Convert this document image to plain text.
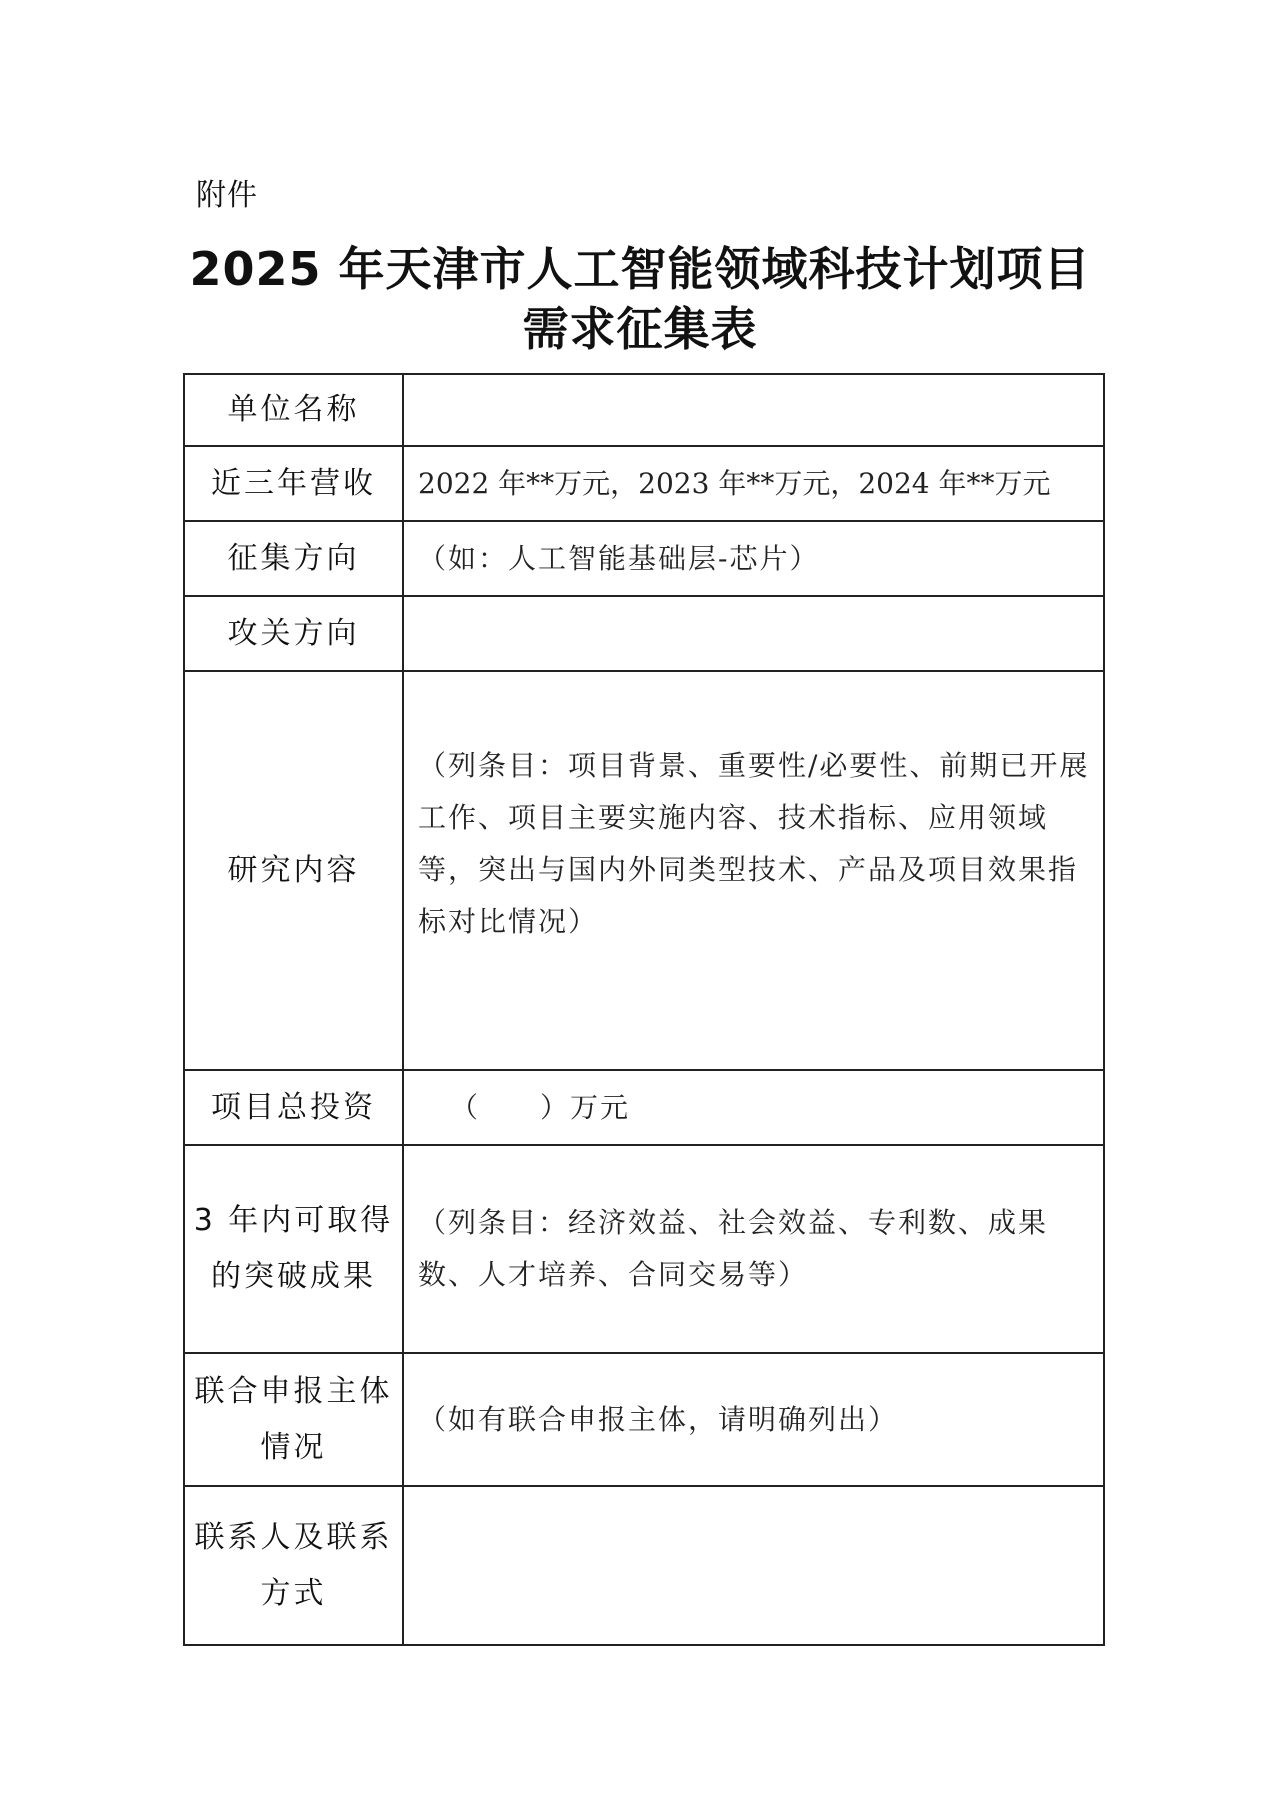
附件
2025 年天津市人工智能领域科技计划项目
需求征集表
单位名称	
近三年营收	2022 年**万元，2023 年**万元，2024 年**万元
征集方向	（如：人工智能基础层-芯片）
攻关方向	
研究内容	（列条目：项目背景、重要性/必要性、前期已开展工作、项目主要实施内容、技术指标、应用领域等，突出与国内外同类型技术、产品及项目效果指标对比情况）
项目总投资	（　　）万元
3 年内可取得的突破成果	（列条目：经济效益、社会效益、专利数、成果数、人才培养、合同交易等）
联合申报主体情况	（如有联合申报主体，请明确列出）
联系人及联系方式	
